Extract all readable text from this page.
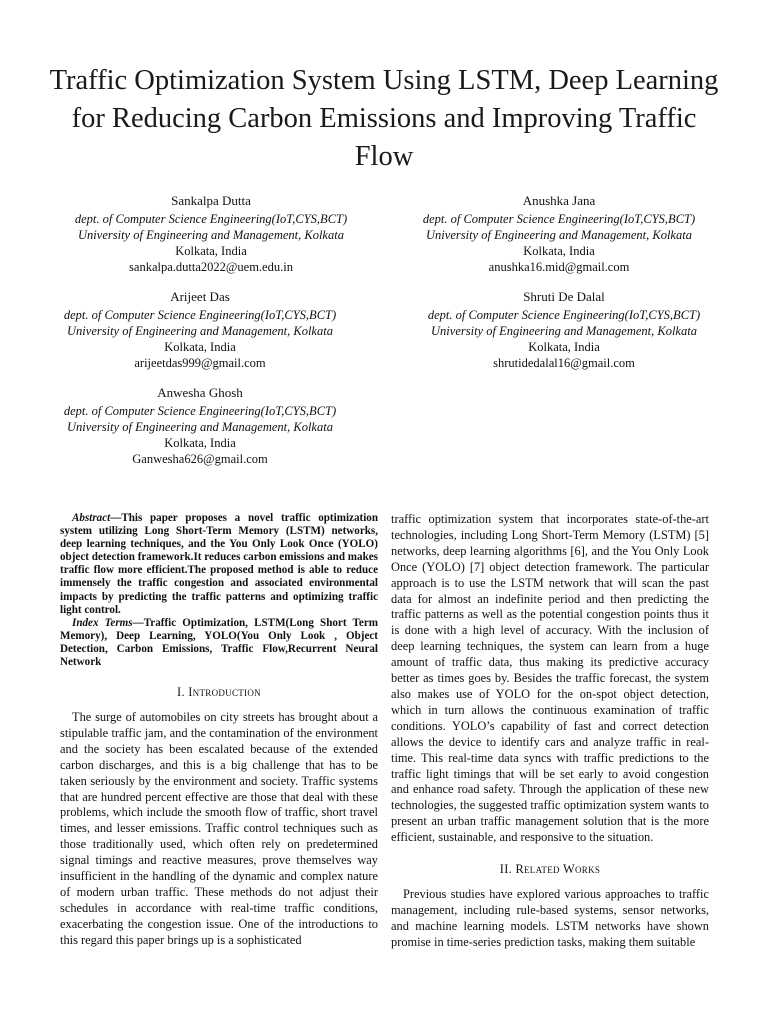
Traffic Optimization System Using LSTM, Deep Learning for Reducing Carbon Emissions and Improving Traffic Flow
Sankalpa Dutta
dept. of Computer Science Engineering(IoT,CYS,BCT)
University of Engineering and Management, Kolkata
Kolkata, India
sankalpa.dutta2022@uem.edu.in
Anushka Jana
dept. of Computer Science Engineering(IoT,CYS,BCT)
University of Engineering and Management, Kolkata
Kolkata, India
anushka16.mid@gmail.com
Arijeet Das
dept. of Computer Science Engineering(IoT,CYS,BCT)
University of Engineering and Management, Kolkata
Kolkata, India
arijeetdas999@gmail.com
Shruti De Dalal
dept. of Computer Science Engineering(IoT,CYS,BCT)
University of Engineering and Management, Kolkata
Kolkata, India
shrutidedalal16@gmail.com
Anwesha Ghosh
dept. of Computer Science Engineering(IoT,CYS,BCT)
University of Engineering and Management, Kolkata
Kolkata, India
Ganwesha626@gmail.com

Abstract—This paper proposes a novel traffic optimization system utilizing Long Short-Term Memory (LSTM) networks, deep learning techniques, and the You Only Look Once (YOLO) object detection framework.It reduces carbon emissions and makes traffic flow more efficient.The proposed method is able to reduce immensely the traffic congestion and associated environmental impacts by predicting the traffic patterns and optimizing traffic light control.

Index Terms—Traffic Optimization, LSTM(Long Short Term Memory), Deep Learning, YOLO(You Only Look , Object Detection, Carbon Emissions, Traffic Flow,Recurrent Neural Network

I. Introduction

The surge of automobiles on city streets has brought about a stipulable traffic jam, and the contamination of the environment and the society has been escalated because of the extended carbon discharges, and this is a big challenge that has to be taken seriously by the environment and society. Traffic systems that are hundred percent effective are those that deal with these problems, which include the smooth flow of traffic, short travel times, and lesser emissions. Traffic control techniques such as those traditionally used, which often rely on predetermined signal timings and reactive measures, prove themselves way insufficient in the handling of the dynamic and complex nature of modern urban traffic. These methods do not adjust their schedules in accordance with real-time traffic conditions, exacerbating the congestion issue. One of the introductions to this regard this paper brings up is a sophisticated

traffic optimization system that incorporates state-of-the-art technologies, including Long Short-Term Memory (LSTM) [5] networks, deep learning algorithms [6], and the You Only Look Once (YOLO) [7] object detection framework. The particular approach is to use the LSTM network that will scan the past data for almost an indefinite period and then predicting the traffic patterns as well as the potential congestion points thus it is done with a high level of accuracy. With the inclusion of deep learning techniques, the system can learn from a huge amount of traffic data, thus making its predictive accuracy better as times goes by. Besides the traffic forecast, the system also makes use of YOLO for the on-spot object detection, which in turn allows the continuous examination of traffic conditions. YOLO’s capability of fast and correct detection allows the device to identify cars and analyze traffic in real-time. This real-time data syncs with traffic predictions to the traffic light timings that will be set early to avoid congestion and enhance road safety. Through the application of these new technologies, the suggested traffic optimization system wants to present an urban traffic management solution that is the more efficient, sustainable, and responsive to the situation.

II. Related Works

Previous studies have explored various approaches to traffic management, including rule-based systems, sensor networks, and machine learning models. LSTM networks have shown promise in time-series prediction tasks, making them suitable
